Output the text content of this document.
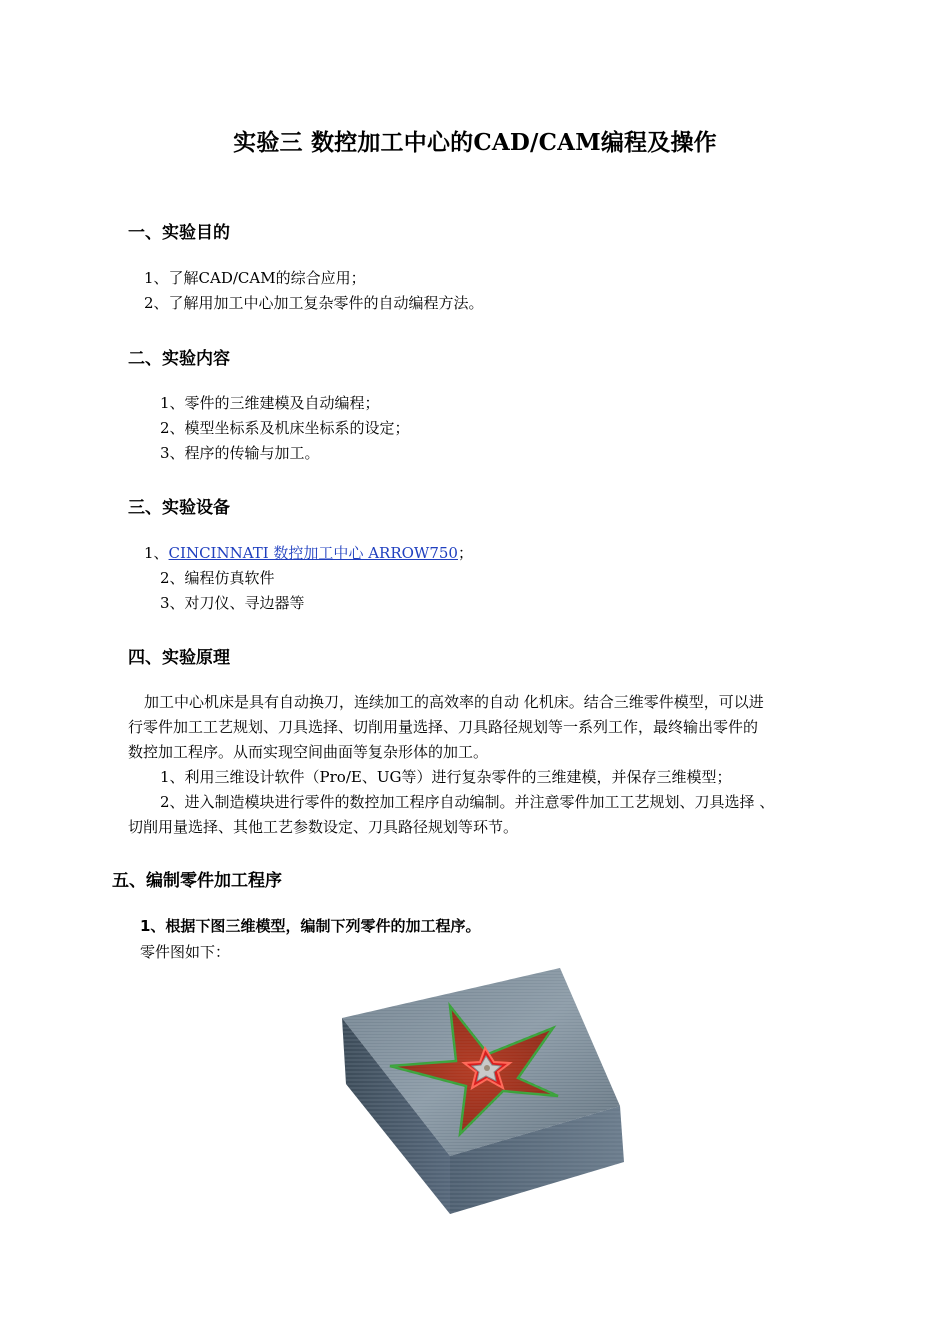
实验三 数控加工中心的CAD/CAM编程及操作
一、实验目的
1、了解CAD/CAM的综合应用；
2、了解用加工中心加工复杂零件的自动编程方法。
二、实验内容
1、零件的三维建模及自动编程；
2、模型坐标系及机床坐标系的设定；
3、程序的传输与加工。
三、实验设备
1、CINCINNATI 数控加工中心 ARROW750；
2、编程仿真软件
3、对刀仪、寻边器等
四、实验原理
加工中心机床是具有自动换刀，连续加工的高效率的自动 化机床。结合三维零件模型，可以进
行零件加工工艺规划、刀具选择、切削用量选择、刀具路径规划等一系列工作，最终输出零件的
数控加工程序。从而实现空间曲面等复杂形体的加工。
1、利用三维设计软件（Pro/E、UG等）进行复杂零件的三维建模，并保存三维模型；
2、进入制造模块进行零件的数控加工程序自动编制。并注意零件加工工艺规划、刀具选择 、
切削用量选择、其他工艺参数设定、刀具路径规划等环节。
五、编制零件加工程序
1、根据下图三维模型，编制下列零件的加工程序。
零件图如下：
